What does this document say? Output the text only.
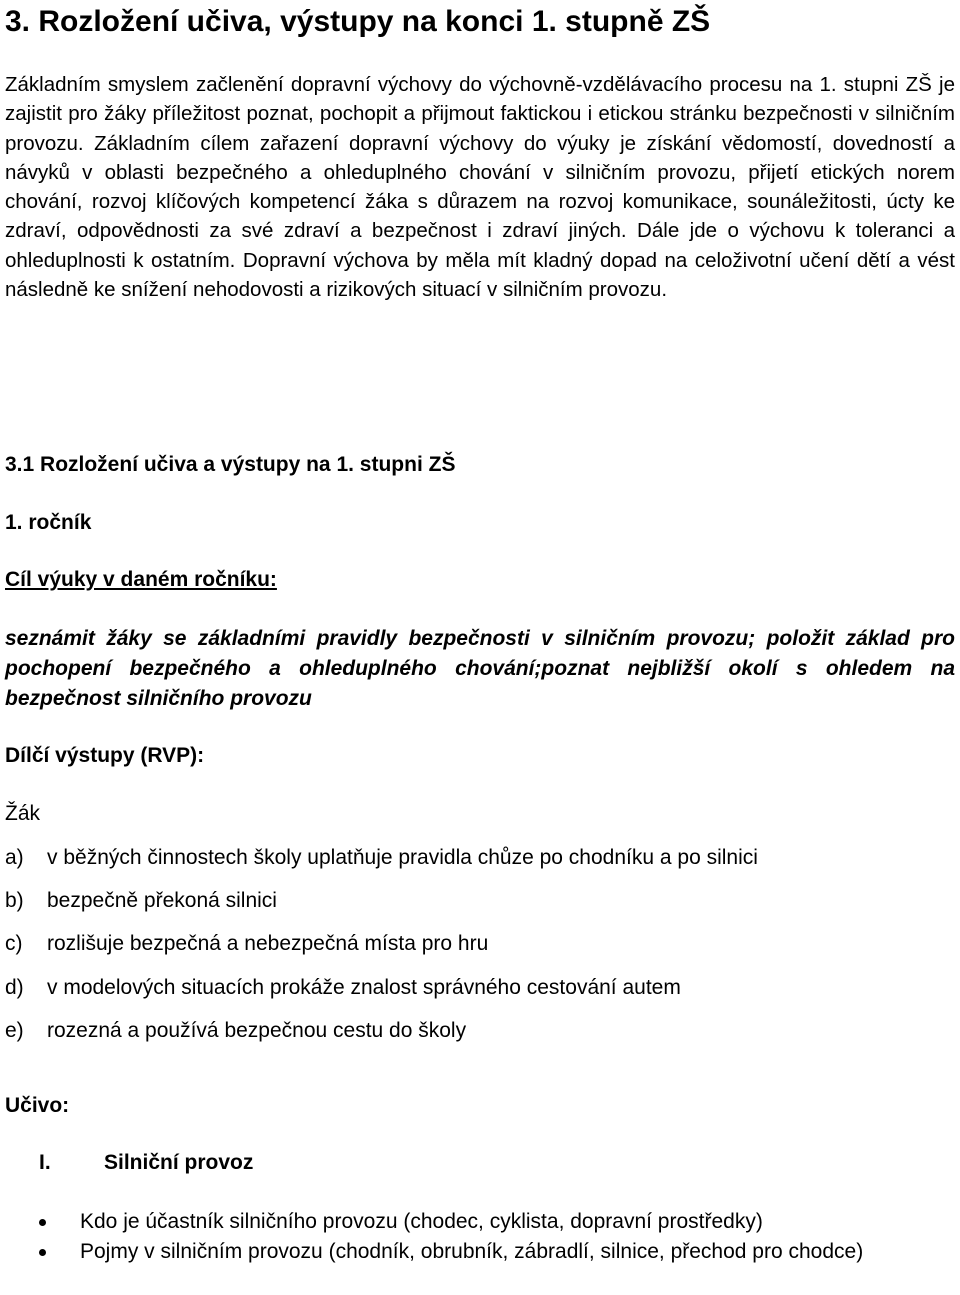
3. Rozložení učiva, výstupy na konci 1. stupně ZŠ

Základním smyslem začlenění dopravní výchovy do výchovně-vzdělávacího procesu na 1. stupni ZŠ je zajistit pro žáky příležitost poznat, pochopit a přijmout faktickou i etickou stránku bezpečnosti v silničním provozu. Základním cílem zařazení dopravní výchovy do výuky je získání vědomostí, dovedností a návyků v oblasti bezpečného a ohleduplného chování v silničním provozu, přijetí etických norem chování, rozvoj klíčových kompetencí žáka s důrazem na rozvoj komunikace, sounáležitosti, úcty ke zdraví, odpovědnosti za své zdraví a bezpečnost i zdraví jiných. Dále jde o výchovu k toleranci a ohleduplnosti k ostatním. Dopravní výchova by měla mít kladný dopad na celoživotní učení dětí a vést následně ke snížení nehodovosti a rizikových situací v silničním provozu.

3.1 Rozložení učiva a výstupy na 1. stupni ZŠ

1. ročník

Cíl výuky v daném ročníku:

seznámit žáky se základními pravidly bezpečnosti v silničním provozu; položit základ pro pochopení bezpečného a ohleduplného chování;poznat nejbližší okolí s ohledem na bezpečnost silničního provozu

Dílčí výstupy (RVP):

Žák

a) v běžných činnostech školy uplatňuje pravidla chůze po chodníku a po silnici

b) bezpečně překoná silnici

c) rozlišuje bezpečná a nebezpečná místa pro hru

d) v modelových situacích prokáže znalost správného cestování autem

e) rozezná a používá bezpečnou cestu do školy

Učivo:

I.	Silniční provoz

Kdo je účastník silničního provozu (chodec, cyklista, dopravní prostředky)
Pojmy v silničním provozu (chodník, obrubník, zábradlí, silnice, přechod pro chodce)
